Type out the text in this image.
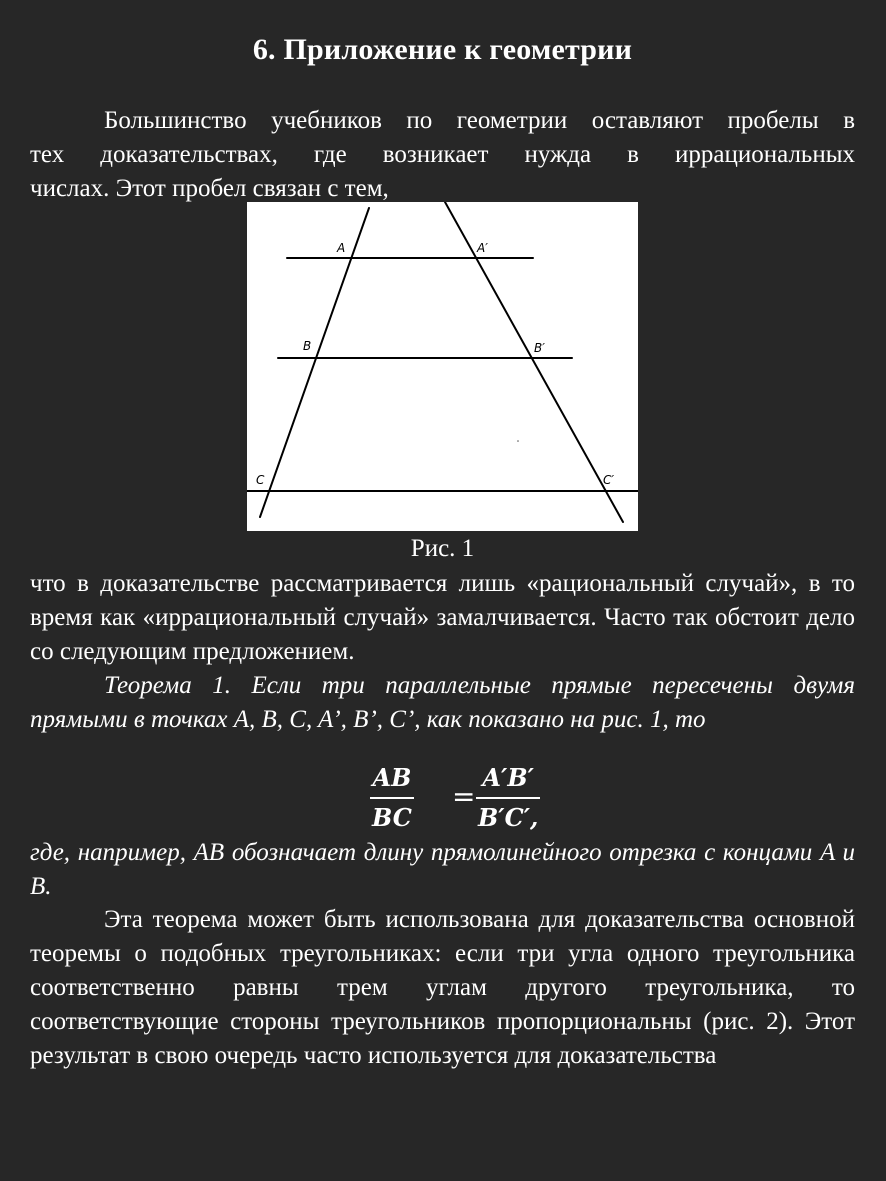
6. Приложение к геометрии
Большинство учебников по геометрии оставляют пробелы в
тех доказательствах, где возникает нужда в иррациональных
числах. Этот пробел связан с тем,
A	A′
B	B′
C	C′
Рис. 1
что в доказательстве рассматривается лишь «рациональный случай», в то время как «иррациональный случай» замалчивается. Часто так обстоит дело со следующим предложением.
Теорема 1. Если три параллельные прямые пересечены двумя прямыми в точках A, B, C, A’, B’, C’, как показано на рис. 1, то
AB
BC
=
A′B′
B′C′,
где, например, AB обозначает длину прямолинейного отрезка с концами A и B.
Эта теорема может быть использована для доказательства основной теоремы о подобных треугольниках: если три угла одного треугольника соответственно равны трем углам другого треугольника, то соответствующие стороны треугольников пропорциональны (рис. 2). Этот результат в свою очередь часто используется для доказательства
